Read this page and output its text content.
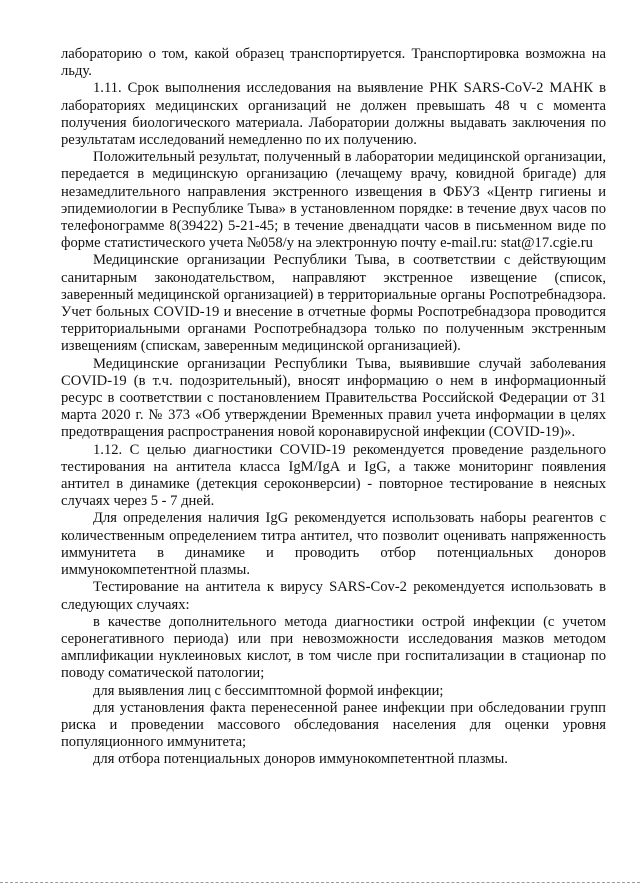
лабораторию о том, какой образец транспортируется. Транспортировка возможна на льду.

1.11. Срок выполнения исследования на выявление РНК SARS-CoV-2 МАНК в лабораториях медицинских организаций не должен превышать 48 ч с момента получения биологического материала. Лаборатории должны выдавать заключения по результатам исследований немедленно по их получению.

Положительный результат, полученный в лаборатории медицинской организации, передается в медицинскую организацию (лечащему врачу, ковидной бригаде) для незамедлительного направления экстренного извещения в ФБУЗ «Центр гигиены и эпидемиологии в Республике Тыва» в установленном порядке: в течение двух часов по телефонограмме 8(39422) 5-21-45; в течение двенадцати часов в письменном виде по форме статистического учета №058/у на электронную почту e-mail.ru: stat@17.cgie.ru

Медицинские организации Республики Тыва, в соответствии с действующим санитарным законодательством, направляют экстренное извещение (список, заверенный медицинской организацией) в территориальные органы Роспотребнадзора. Учет больных COVID-19 и внесение в отчетные формы Роспотребнадзора проводится территориальными органами Роспотребнадзора только по полученным экстренным извещениям (спискам, заверенным медицинской организацией).

Медицинские организации Республики Тыва, выявившие случай заболевания COVID-19 (в т.ч. подозрительный), вносят информацию о нем в информационный ресурс в соответствии с постановлением Правительства Российской Федерации от 31 марта 2020 г. № 373 «Об утверждении Временных правил учета информации в целях предотвращения распространения новой коронавирусной инфекции (COVID-19)».

1.12. С целью диагностики COVID-19 рекомендуется проведение раздельного тестирования на антитела класса IgM/IgA и IgG, а также мониторинг появления антител в динамике (детекция сероконверсии) - повторное тестирование в неясных случаях через 5 - 7 дней.

Для определения наличия IgG рекомендуется использовать наборы реагентов с количественным определением титра антител, что позволит оценивать напряженность иммунитета в динамике и проводить отбор потенциальных доноров иммунокомпетентной плазмы.

Тестирование на антитела к вирусу SARS-Cov-2 рекомендуется использовать в следующих случаях:

в качестве дополнительного метода диагностики острой инфекции (с учетом серонегативного периода) или при невозможности исследования мазков методом амплификации нуклеиновых кислот, в том числе при госпитализации в стационар по поводу соматической патологии;

для выявления лиц с бессимптомной формой инфекции;

для установления факта перенесенной ранее инфекции при обследовании групп риска и проведении массового обследования населения для оценки уровня популяционного иммунитета;

для отбора потенциальных доноров иммунокомпетентной плазмы.
